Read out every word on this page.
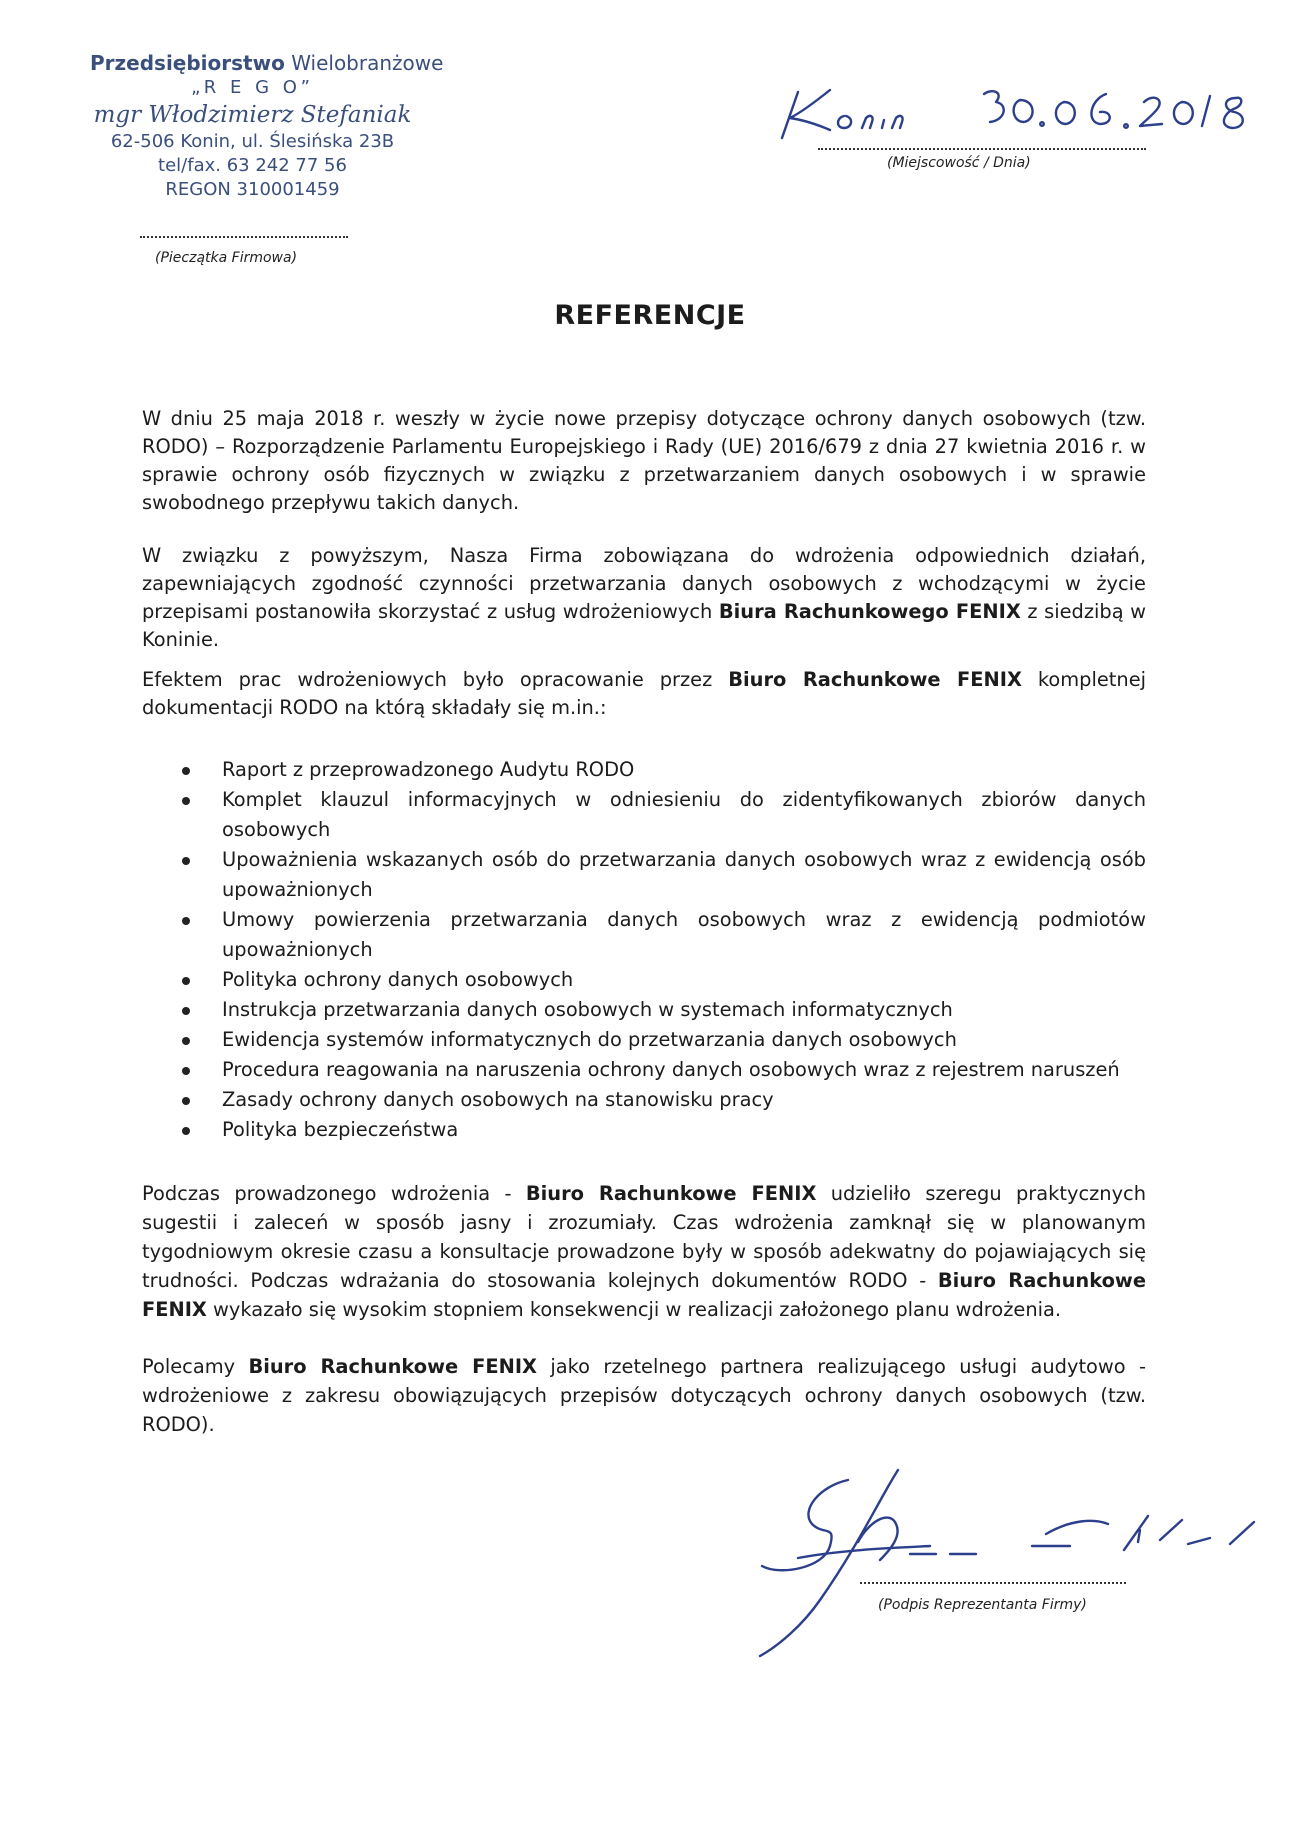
Przedsiębiorstwo Wielobranżowe
„R E G O”
mgr Włodzimierz Stefaniak
62-506 Konin, ul. Ślesińska 23B
tel/fax. 63 242 77 56
REGON 310001459
(Pieczątka Firmowa)
(Miejscowość / Dnia)
REFERENCJE
W dniu 25 maja 2018 r. weszły w życie nowe przepisy dotyczące ochrony danych osobowych (tzw. RODO) – Rozporządzenie Parlamentu Europejskiego i Rady (UE) 2016/679 z dnia 27 kwietnia 2016 r. w sprawie ochrony osób fizycznych w związku z przetwarzaniem danych osobowych i w sprawie swobodnego przepływu takich danych.
W związku z powyższym, Nasza Firma zobowiązana do wdrożenia odpowiednich działań, zapewniających zgodność czynności przetwarzania danych osobowych z wchodzącymi w życie przepisami postanowiła skorzystać z usług wdrożeniowych Biura Rachunkowego FENIX z siedzibą w Koninie.
Efektem prac wdrożeniowych było opracowanie przez Biuro Rachunkowe FENIX kompletnej dokumentacji RODO na którą składały się m.in.:
Raport z przeprowadzonego Audytu RODO
Komplet klauzul informacyjnych w odniesieniu do zidentyfikowanych zbiorów danych osobowych
Upoważnienia wskazanych osób do przetwarzania danych osobowych wraz z ewidencją osób upoważnionych
Umowy powierzenia przetwarzania danych osobowych wraz z ewidencją podmiotów upoważnionych
Polityka ochrony danych osobowych
Instrukcja przetwarzania danych osobowych w systemach informatycznych
Ewidencja systemów informatycznych do przetwarzania danych osobowych
Procedura reagowania na naruszenia ochrony danych osobowych wraz z rejestrem naruszeń
Zasady ochrony danych osobowych na stanowisku pracy
Polityka bezpieczeństwa
Podczas prowadzonego wdrożenia - Biuro Rachunkowe FENIX udzieliło szeregu praktycznych sugestii i zaleceń w sposób jasny i zrozumiały. Czas wdrożenia zamknął się w planowanym tygodniowym okresie czasu a konsultacje prowadzone były w sposób adekwatny do pojawiających się trudności. Podczas wdrażania do stosowania kolejnych dokumentów RODO - Biuro Rachunkowe FENIX wykazało się wysokim stopniem konsekwencji w realizacji założonego planu wdrożenia.
Polecamy Biuro Rachunkowe FENIX jako rzetelnego partnera realizującego usługi audytowo - wdrożeniowe z zakresu obowiązujących przepisów dotyczących ochrony danych osobowych (tzw. RODO).
(Podpis Reprezentanta Firmy)
